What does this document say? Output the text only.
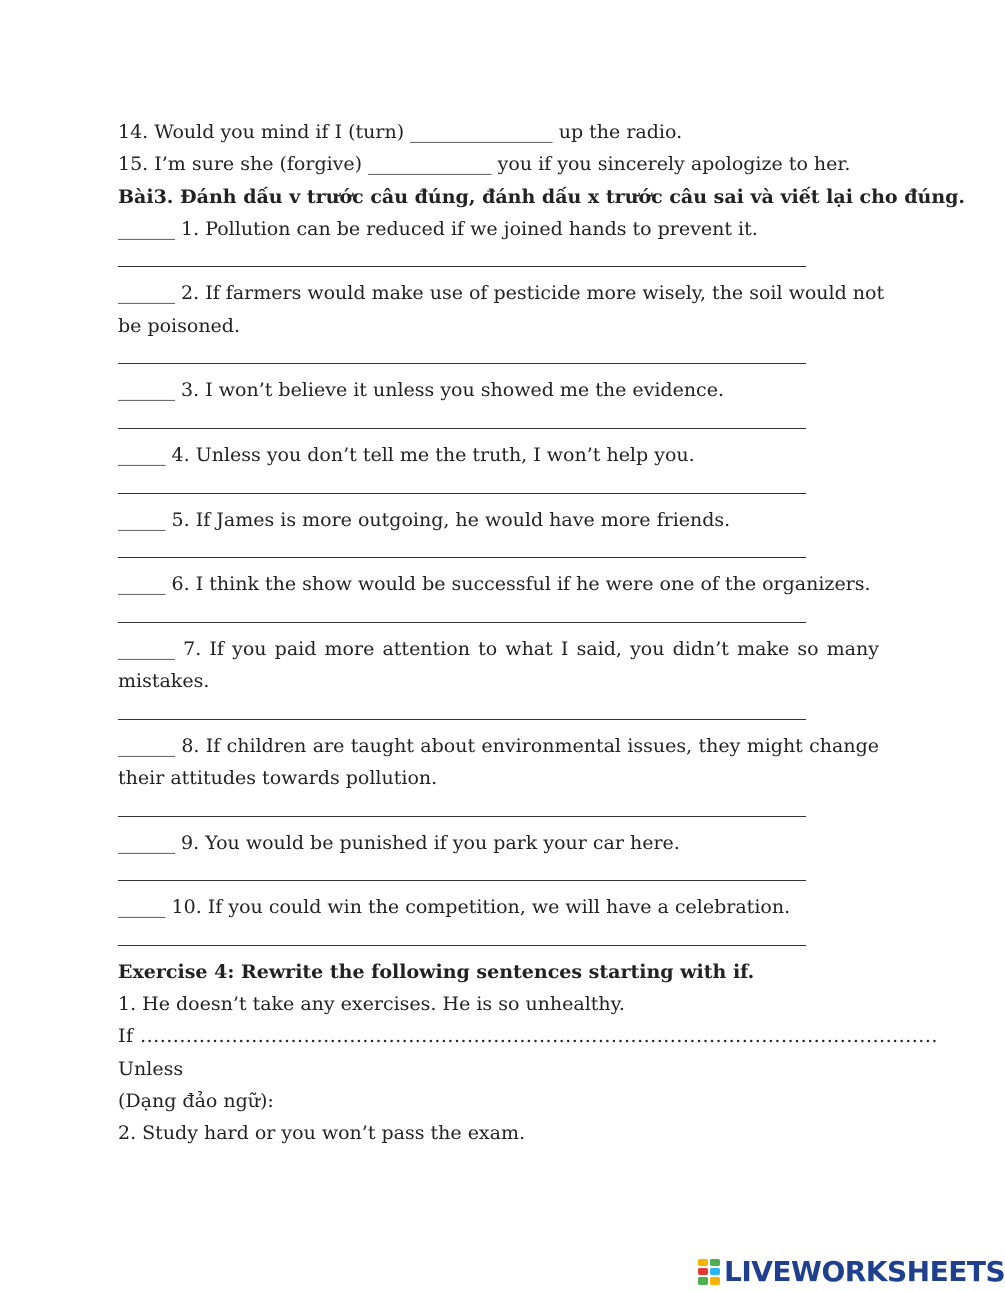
14. Would you mind if I (turn) _______________ up the radio.
15. I’m sure she (forgive) _____________ you if you sincerely apologize to her.
Bài3. Đánh dấu v trước câu đúng, đánh dấu x trước câu sai và viết lại cho đúng.
______ 1. Pollution can be reduced if we joined hands to prevent it.
______ 2. If farmers would make use of pesticide more wisely, the soil would not
be poisoned.
______ 3. I won’t believe it unless you showed me the evidence.
_____ 4. Unless you don’t tell me the truth, I won’t help you.
_____ 5. If James is more outgoing, he would have more friends.
_____ 6. I think the show would be successful if he were one of the organizers.
______ 7. If you paid more attention to what I said, you didn’t make so many
mistakes.
______ 8. If children are taught about environmental issues, they might change
their attitudes towards pollution.
______ 9. You would be punished if you park your car here.
_____ 10. If you could win the competition, we will have a celebration.
Exercise 4: Rewrite the following sentences starting with if.
1. He doesn’t take any exercises. He is so unhealthy.
If ..........................................................................................................................
Unless
(Dạng đảo ngữ):
2. Study hard or you won’t pass the exam.
LIVEWORKSHEETS
